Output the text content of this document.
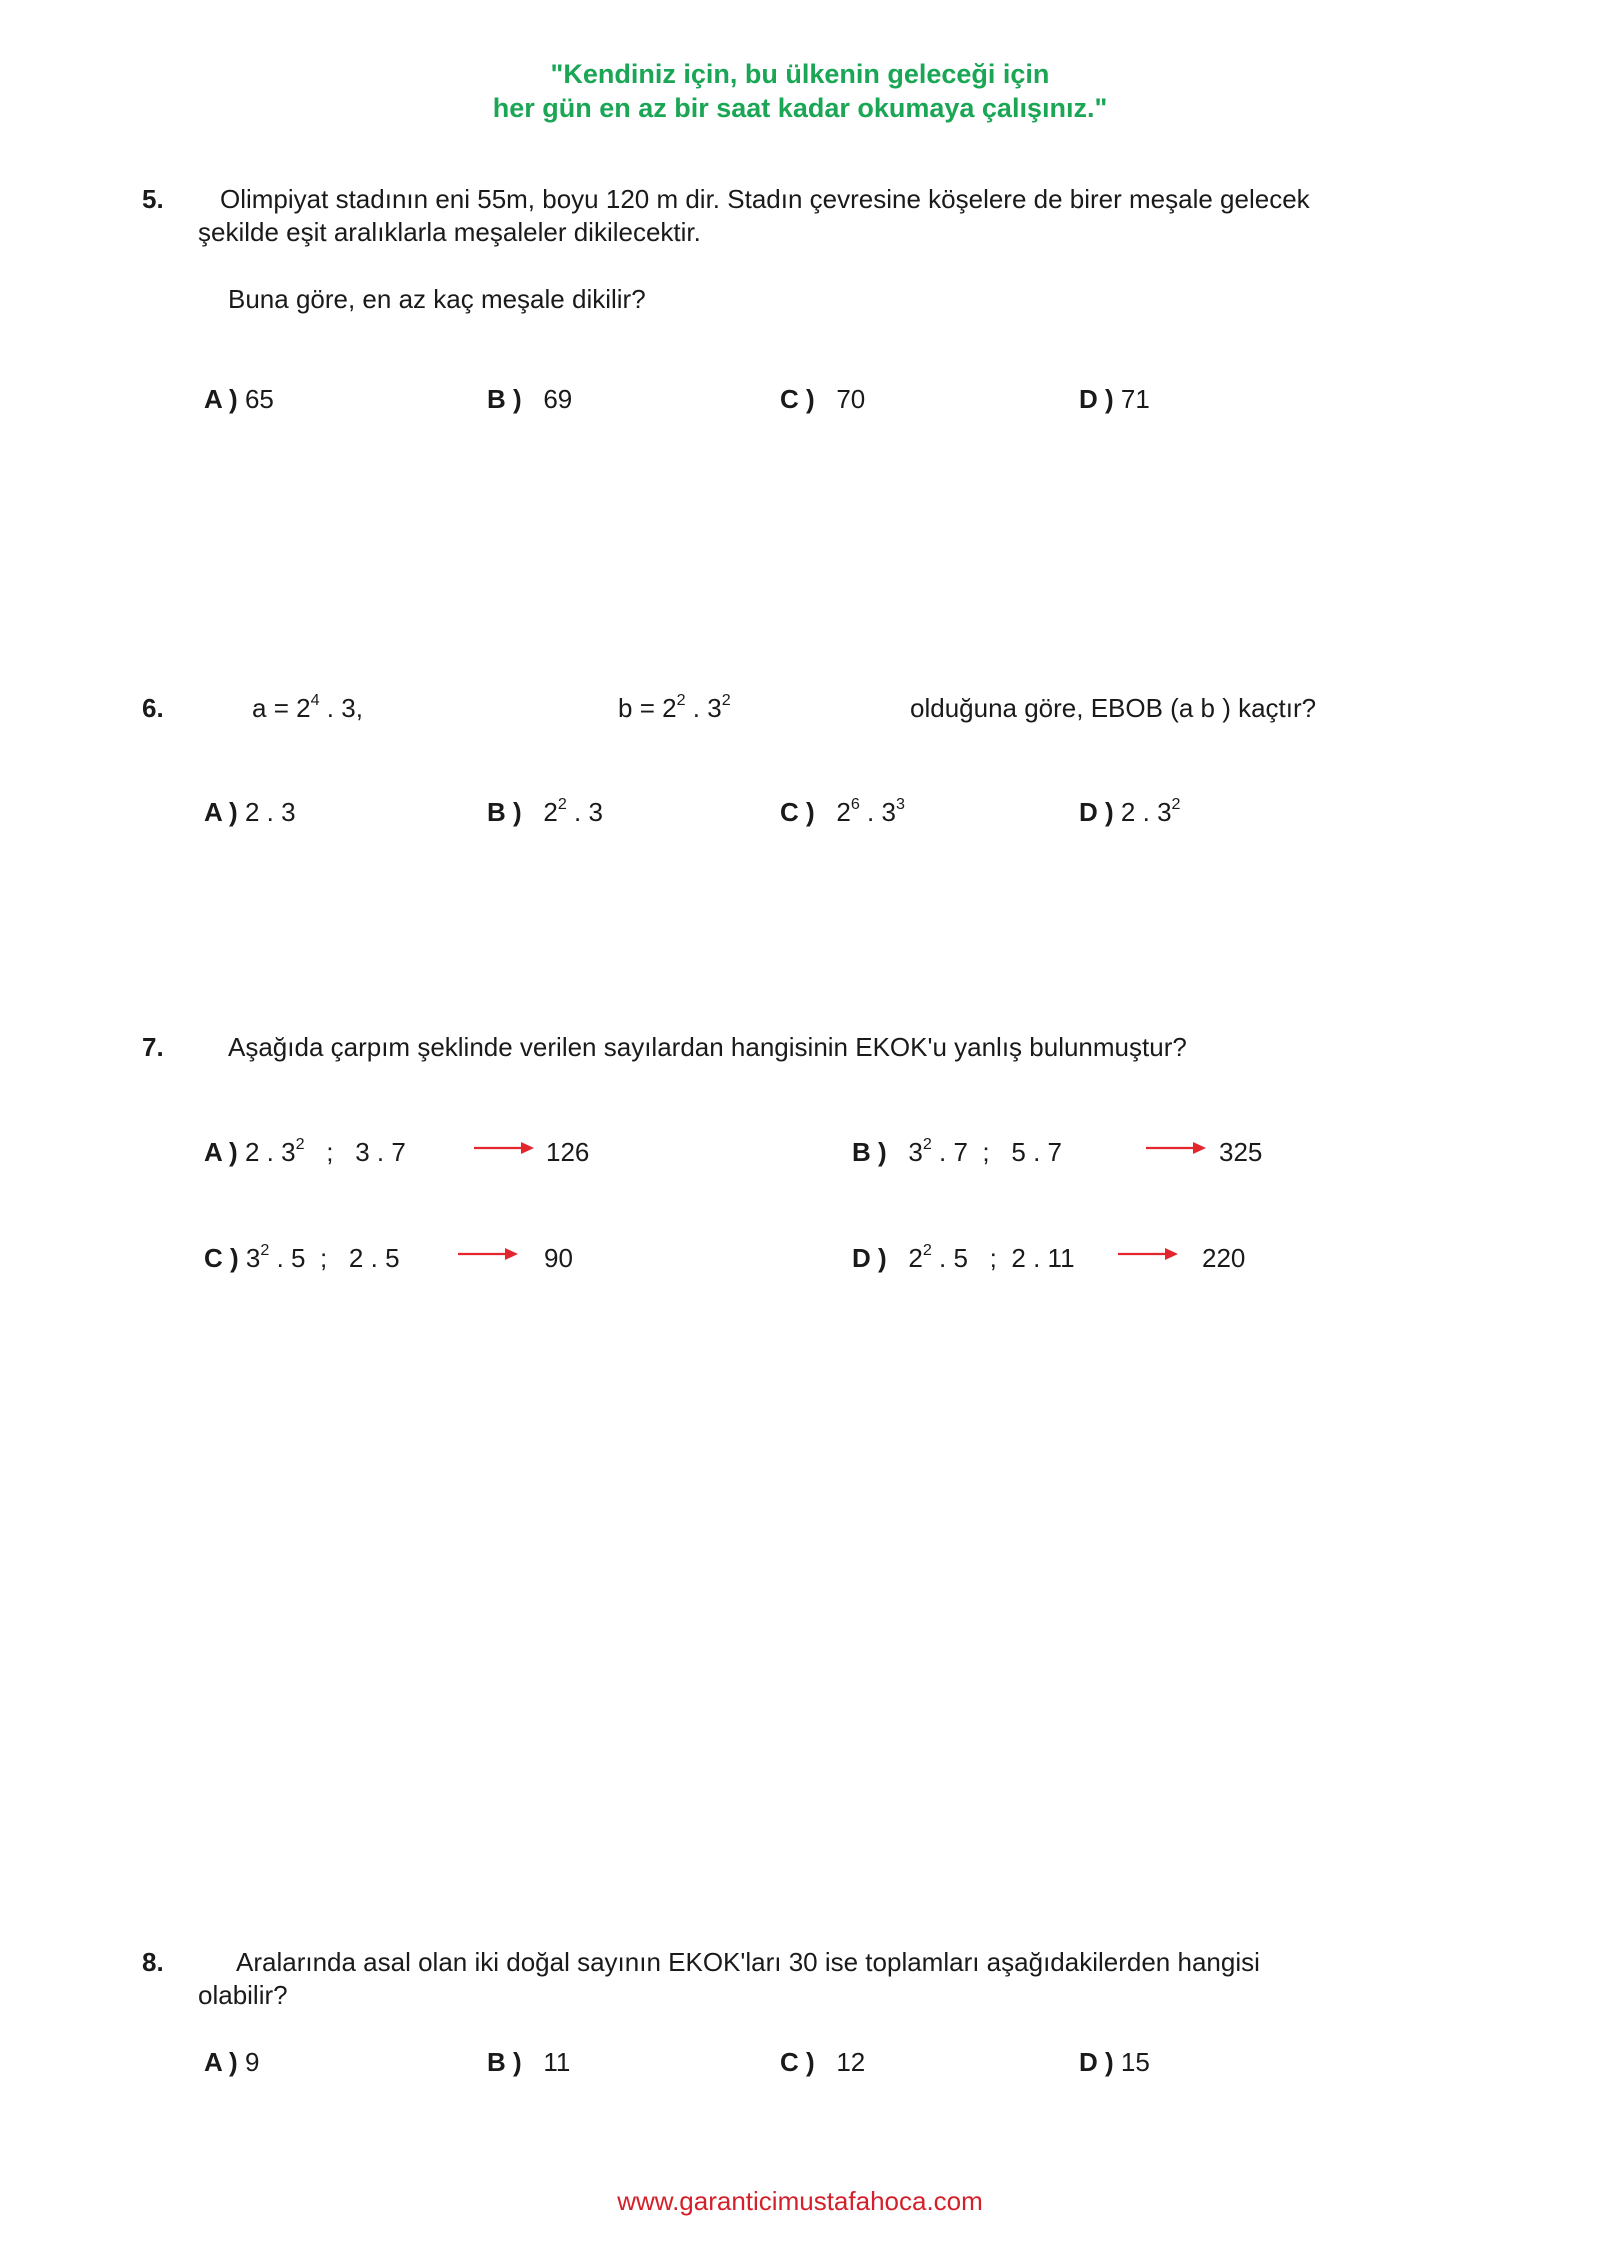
"Kendiniz için, bu ülkenin geleceği için
her gün en az bir saat kadar okumaya çalışınız."
5. Olimpiyat stadının eni 55m, boyu 120 m dir. Stadın çevresine köşelere de birer meşale gelecek
şekilde eşit aralıklarla meşaleler dikilecektir.
Buna göre, en az kaç meşale dikilir?
A ) 65	B ) 69	C ) 70	D ) 71
6.	$a = 2^4$ . 3,	$b = 2^2$ . $3^2$	olduğuna göre, EBOB (a b ) kaçtır?
A ) 2 . 3	B ) $2^2$ . 3	C ) $2^6$ . $3^3$	D ) 2 . $3^2$
7. Aşağıda çarpım şeklinde verilen sayılardan hangisinin EKOK'u yanlış bulunmuştur?
A ) 2 . $3^2$ ; 3 . 7	126	B ) $3^2$ . 7 ; 5 . 7	325
C ) $3^2$ . 5 ; 2 . 5	90	D ) $2^2$ . 5 ; 2 . 11	220
8.	Aralarında asal olan iki doğal sayının EKOK'ları 30 ise toplamları aşağıdakilerden hangisi
olabilir?
A ) 9	B ) 11	C ) 12	D ) 15
www.garanticimustafahoca.com
